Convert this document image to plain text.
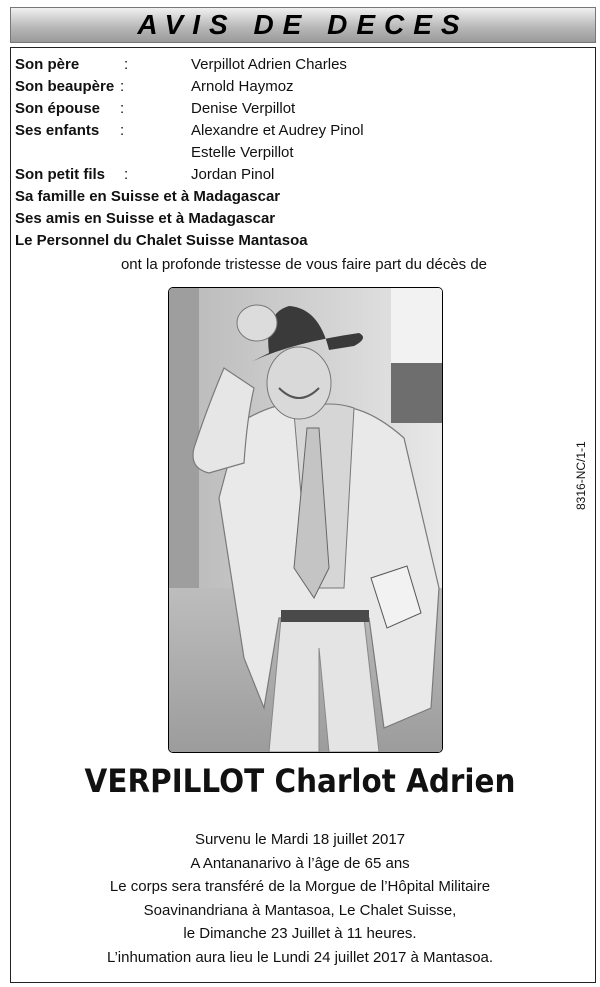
AVIS DE DECES
Son père	:	Verpillot Adrien Charles
Son beaupère :	Arnold Haymoz
Son épouse :	Denise Verpillot
Ses enfants :	Alexandre et Audrey Pinol
Estelle Verpillot
Son petit fils :	Jordan Pinol
Sa famille en Suisse et à Madagascar
Ses amis en Suisse et à Madagascar
Le Personnel du Chalet Suisse Mantasoa
ont la profonde tristesse de vous faire part du décès de
VERPILLOT Charlot Adrien
Survenu le Mardi 18 juillet 2017
A Antananarivo à l’âge de 65 ans
Le corps sera transféré de la Morgue de l’Hôpital Militaire
Soavinandriana à Mantasoa, Le Chalet Suisse,
le Dimanche 23 Juillet à 11 heures.
L’inhumation aura lieu le Lundi 24 juillet 2017 à Mantasoa.
8316-NC/1-1
